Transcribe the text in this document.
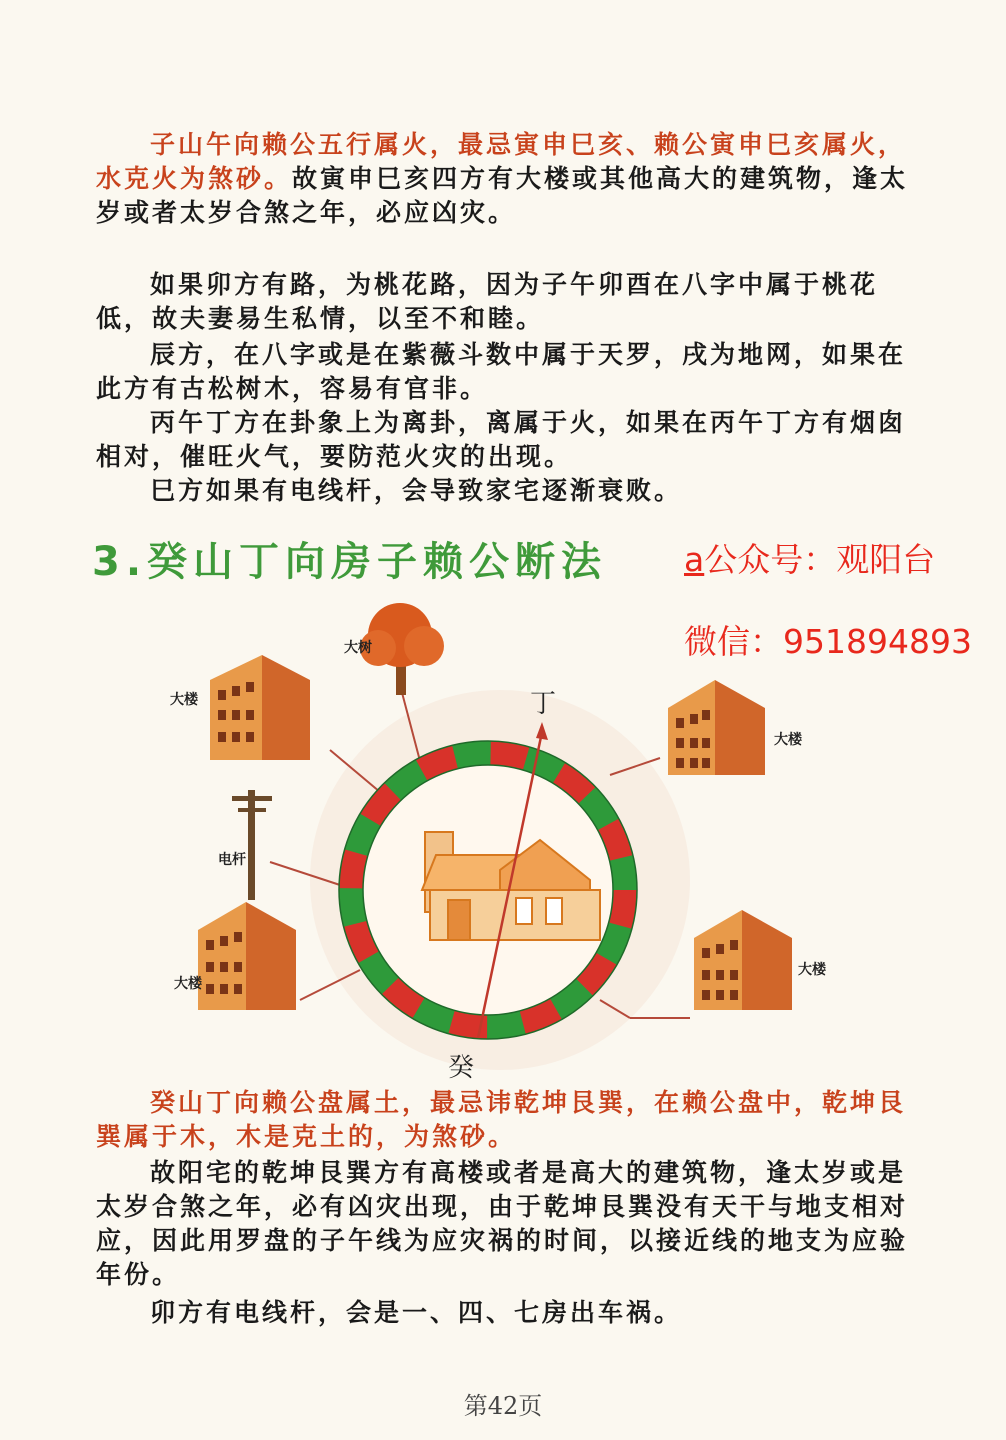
子山午向赖公五行属火，最忌寅申巳亥、赖公寅申巳亥属火，水克火为煞砂。故寅申巳亥四方有大楼或其他高大的建筑物，逢太岁或者太岁合煞之年，必应凶灾。

如果卯方有路，为桃花路，因为子午卯酉在八字中属于桃花低，故夫妻易生私情，以至不和睦。

辰方，在八字或是在紫薇斗数中属于天罗，戌为地网，如果在此方有古松树木，容易有官非。

丙午丁方在卦象上为离卦，离属于火，如果在丙午丁方有烟囱相对，催旺火气，要防范火灾的出现。

巳方如果有电线杆，会导致家宅逐渐衰败。

3.癸山丁向房子赖公断法 a公众号：观阳台
微信：951894893
大树
大楼
大楼
大楼
大楼
电杆
丁
癸

癸山丁向赖公盘属土，最忌讳乾坤艮巽，在赖公盘中，乾坤艮巽属于木，木是克土的，为煞砂。

故阳宅的乾坤艮巽方有高楼或者是高大的建筑物，逢太岁或是太岁合煞之年，必有凶灾出现，由于乾坤艮巽没有天干与地支相对应，因此用罗盘的子午线为应灾祸的时间，以接近线的地支为应验年份。

卯方有电线杆，会是一、四、七房出车祸。

第42页
